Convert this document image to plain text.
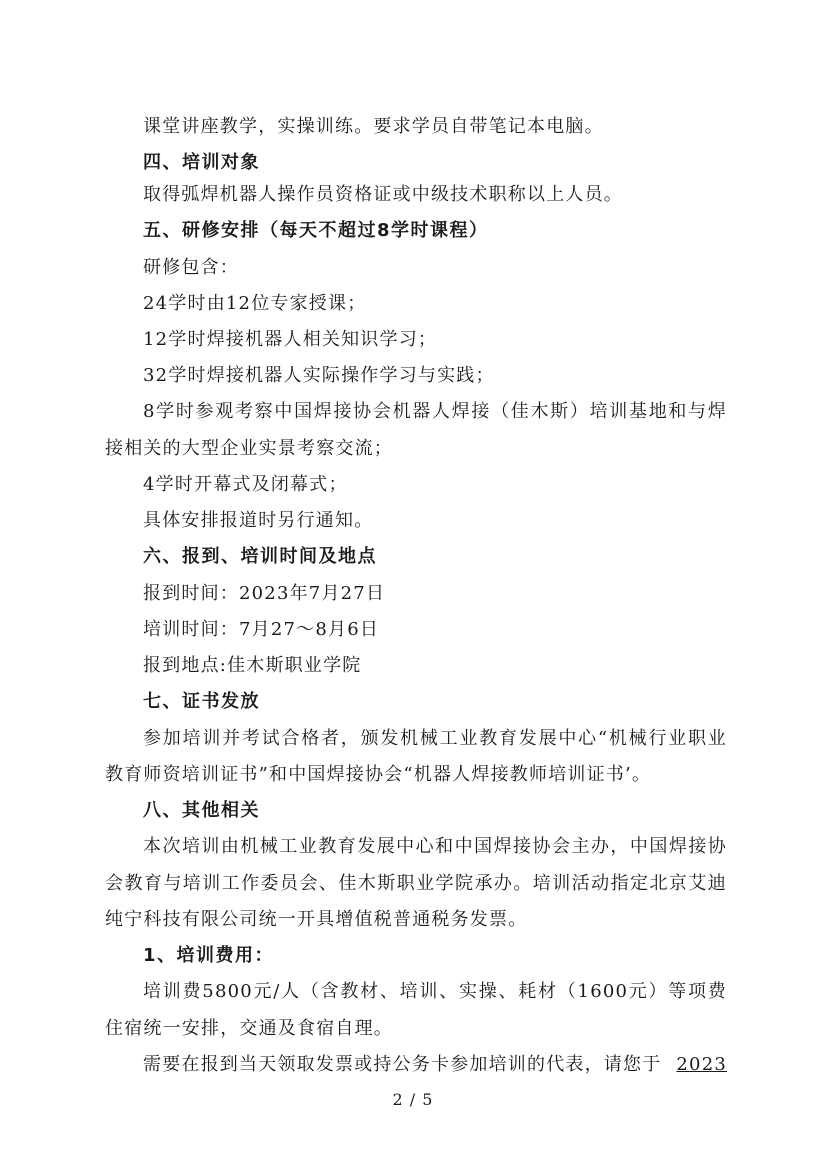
课堂讲座教学，实操训练。要求学员自带笔记本电脑。
四、培训对象
取得弧焊机器人操作员资格证或中级技术职称以上人员。
五、研修安排（每天不超过8学时课程）
研修包含：
24学时由12位专家授课；
12学时焊接机器人相关知识学习；
32学时焊接机器人实际操作学习与实践；
8学时参观考察中国焊接协会机器人焊接（佳木斯）培训基地和与焊
接相关的大型企业实景考察交流；
4学时开幕式及闭幕式；
具体安排报道时另行通知。
六、报到、培训时间及地点
报到时间：2023年7月27日
培训时间：7月27～8月6日
报到地点:佳木斯职业学院
七、证书发放
参加培训并考试合格者，颁发机械工业教育发展中心“机械行业职业
教育师资培训证书”和中国焊接协会“机器人焊接教师培训证书’。
八、其他相关
本次培训由机械工业教育发展中心和中国焊接协会主办，中国焊接协
会教育与培训工作委员会、佳木斯职业学院承办。培训活动指定北京艾迪
纯宁科技有限公司统一开具增值税普通税务发票。
1、培训费用：
培训费5800元/人（含教材、培训、实操、耗材（1600元）等项费
住宿统一安排，交通及食宿自理。
需要在报到当天领取发票或持公务卡参加培训的代表，请您于 2023
2 / 5
